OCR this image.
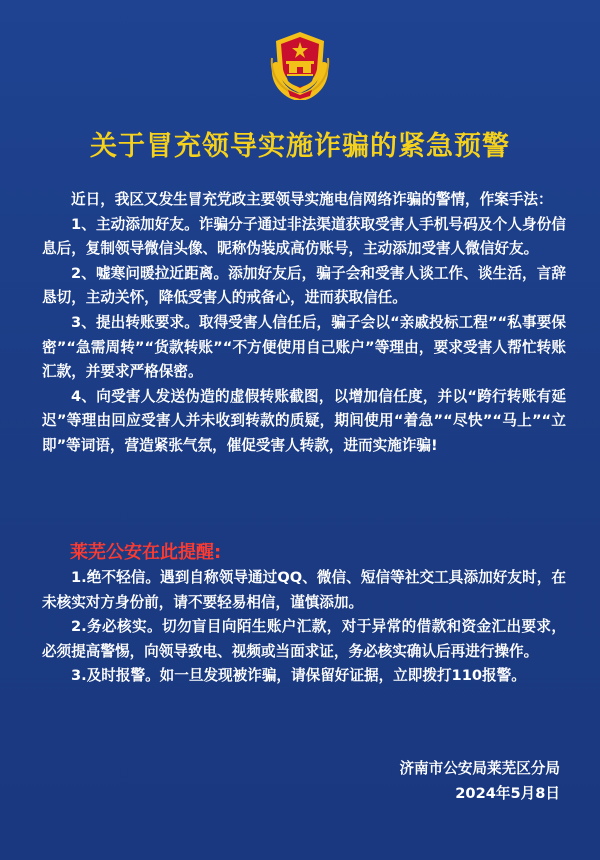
关于冒充领导实施诈骗的紧急预警

近日，我区又发生冒充党政主要领导实施电信网络诈骗的警情，作案手法：

1、主动添加好友。诈骗分子通过非法渠道获取受害人手机号码及个人身份信息后，复制领导微信头像、昵称伪装成高仿账号，主动添加受害人微信好友。

2、嘘寒问暖拉近距离。添加好友后，骗子会和受害人谈工作、谈生活，言辞恳切，主动关怀，降低受害人的戒备心，进而获取信任。

3、提出转账要求。取得受害人信任后，骗子会以“亲戚投标工程”“私事要保密”“急需周转”“货款转账”“不方便使用自己账户”等理由，要求受害人帮忙转账汇款，并要求严格保密。

4、向受害人发送伪造的虚假转账截图，以增加信任度，并以“跨行转账有延迟”等理由回应受害人并未收到转款的质疑，期间使用“着急”“尽快”“马上”“立即”等词语，营造紧张气氛，催促受害人转款，进而实施诈骗!

莱芜公安在此提醒:

1.绝不轻信。遇到自称领导通过QQ、微信、短信等社交工具添加好友时，在未核实对方身份前，请不要轻易相信，谨慎添加。

2.务必核实。切勿盲目向陌生账户汇款，对于异常的借款和资金汇出要求，必须提高警惕，向领导致电、视频或当面求证，务必核实确认后再进行操作。

3.及时报警。如一旦发现被诈骗，请保留好证据，立即拨打110报警。

济南市公安局莱芜区分局
2024年5月8日
